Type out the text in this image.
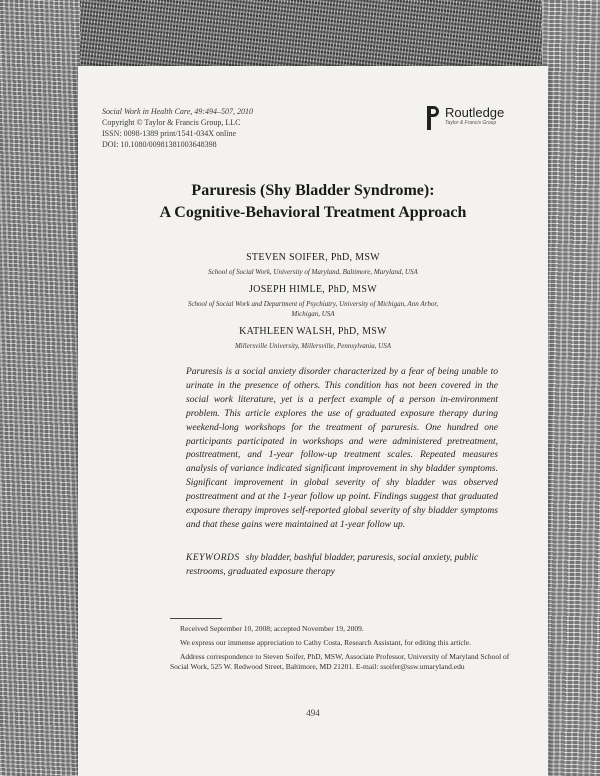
Social Work in Health Care, 49:494–507, 2010
Copyright © Taylor & Francis Group, LLC
ISSN: 0098-1389 print/1541-034X online
DOI: 10.1080/00981381003648398
Routledge
Taylor & Francis Group
Paruresis (Shy Bladder Syndrome):
A Cognitive-Behavioral Treatment Approach
STEVEN SOIFER, PhD, MSW
School of Social Work, University of Maryland, Baltimore, Maryland, USA
JOSEPH HIMLE, PhD, MSW
School of Social Work and Department of Psychiatry, University of Michigan, Ann Arbor,
Michigan, USA
KATHLEEN WALSH, PhD, MSW
Millersville University, Millersville, Pennsylvania, USA
Paruresis is a social anxiety disorder characterized by a fear of being unable to urinate in the presence of others. This condition has not been covered in the social work literature, yet is a perfect example of a person in-environment problem. This article explores the use of graduated exposure therapy during weekend-long workshops for the treatment of paruresis. One hundred one participants participated in workshops and were administered pretreatment, posttreatment, and 1-year follow-up treatment scales. Repeated measures analysis of variance indicated significant improvement in shy bladder symptoms. Significant improvement in global severity of shy bladder was observed posttreatment and at the 1-year follow up point. Findings suggest that graduated exposure therapy improves self-reported global severity of shy bladder symptoms and that these gains were maintained at 1-year follow up.
KEYWORDS shy bladder, bashful bladder, paruresis, social anxiety, public restrooms, graduated exposure therapy

Received September 10, 2008; accepted November 19, 2009.

We express our immense appreciation to Cathy Costa, Research Assistant, for editing this article.

Address correspondence to Steven Soifer, PhD, MSW, Associate Professor, University of Maryland School of Social Work, 525 W. Redwood Street, Baltimore, MD 21201. E-mail: ssoifer@ssw.umaryland.edu

494
